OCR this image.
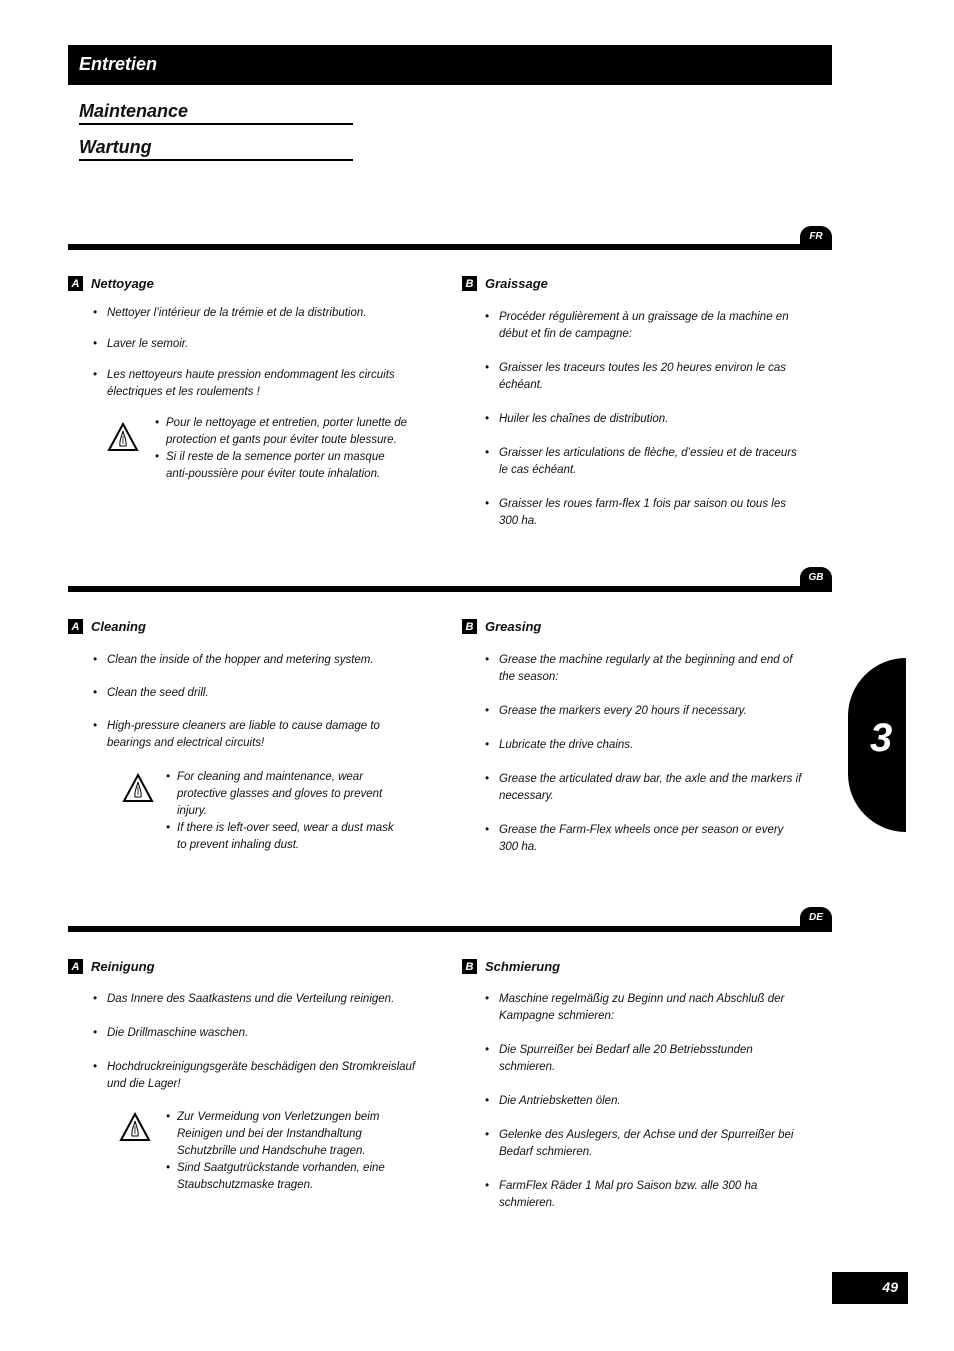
Entretien
Maintenance
Wartung
FR
A Nettoyage
• Nettoyer l’intérieur de la trémie et de la distribution.
• Laver le semoir.
• Les nettoyeurs haute pression endommagent les circuits électriques et les roulements !
• Pour le nettoyage et entretien, porter lunette de protection et gants pour éviter toute blessure.
• Si il reste de la semence porter un masque anti-poussière pour éviter toute inhalation.
B Graissage
• Procéder régulièrement à un graissage de la machine en début et fin de campagne:
• Graisser les traceurs toutes les 20 heures environ le cas échéant.
• Huiler les chaînes de distribution.
• Graisser les articulations de flèche, d’essieu et de traceurs le cas échéant.
• Graisser les roues farm-flex 1 fois par saison ou tous les 300 ha.
GB
A Cleaning
• Clean the inside of the hopper and metering system.
• Clean the seed drill.
• High-pressure cleaners are liable to cause damage to bearings and electrical circuits!
• For cleaning and maintenance, wear protective glasses and gloves to prevent injury.
• If there is left-over seed, wear a dust mask to prevent inhaling dust.
B Greasing
• Grease the machine regularly at the beginning and end of the season:
• Grease the markers every 20 hours if necessary.
• Lubricate the drive chains.
• Grease the articulated draw bar, the axle and the markers if necessary.
• Grease the Farm-Flex wheels once per season or every 300 ha.
DE
A Reinigung
• Das Innere des Saatkastens und die Verteilung reinigen.
• Die Drillmaschine waschen.
• Hochdruckreinigungsgeräte beschädigen den Stromkreislauf und die Lager!
• Zur Vermeidung von Verletzungen beim Reinigen und bei der Instandhaltung Schutzbrille und Handschuhe tragen.
• Sind Saatgutrückstande vorhanden, eine Staubschutzmaske tragen.
B Schmierung
• Maschine regelmäßig zu Beginn und nach Abschluß der Kampagne schmieren:
• Die Spurreißer bei Bedarf alle 20 Betriebsstunden schmieren.
• Die Antriebsketten ölen.
• Gelenke des Auslegers, der Achse und der Spurreißer bei Bedarf schmieren.
• FarmFlex Räder 1 Mal pro Saison bzw. alle 300 ha schmieren.
3
49
